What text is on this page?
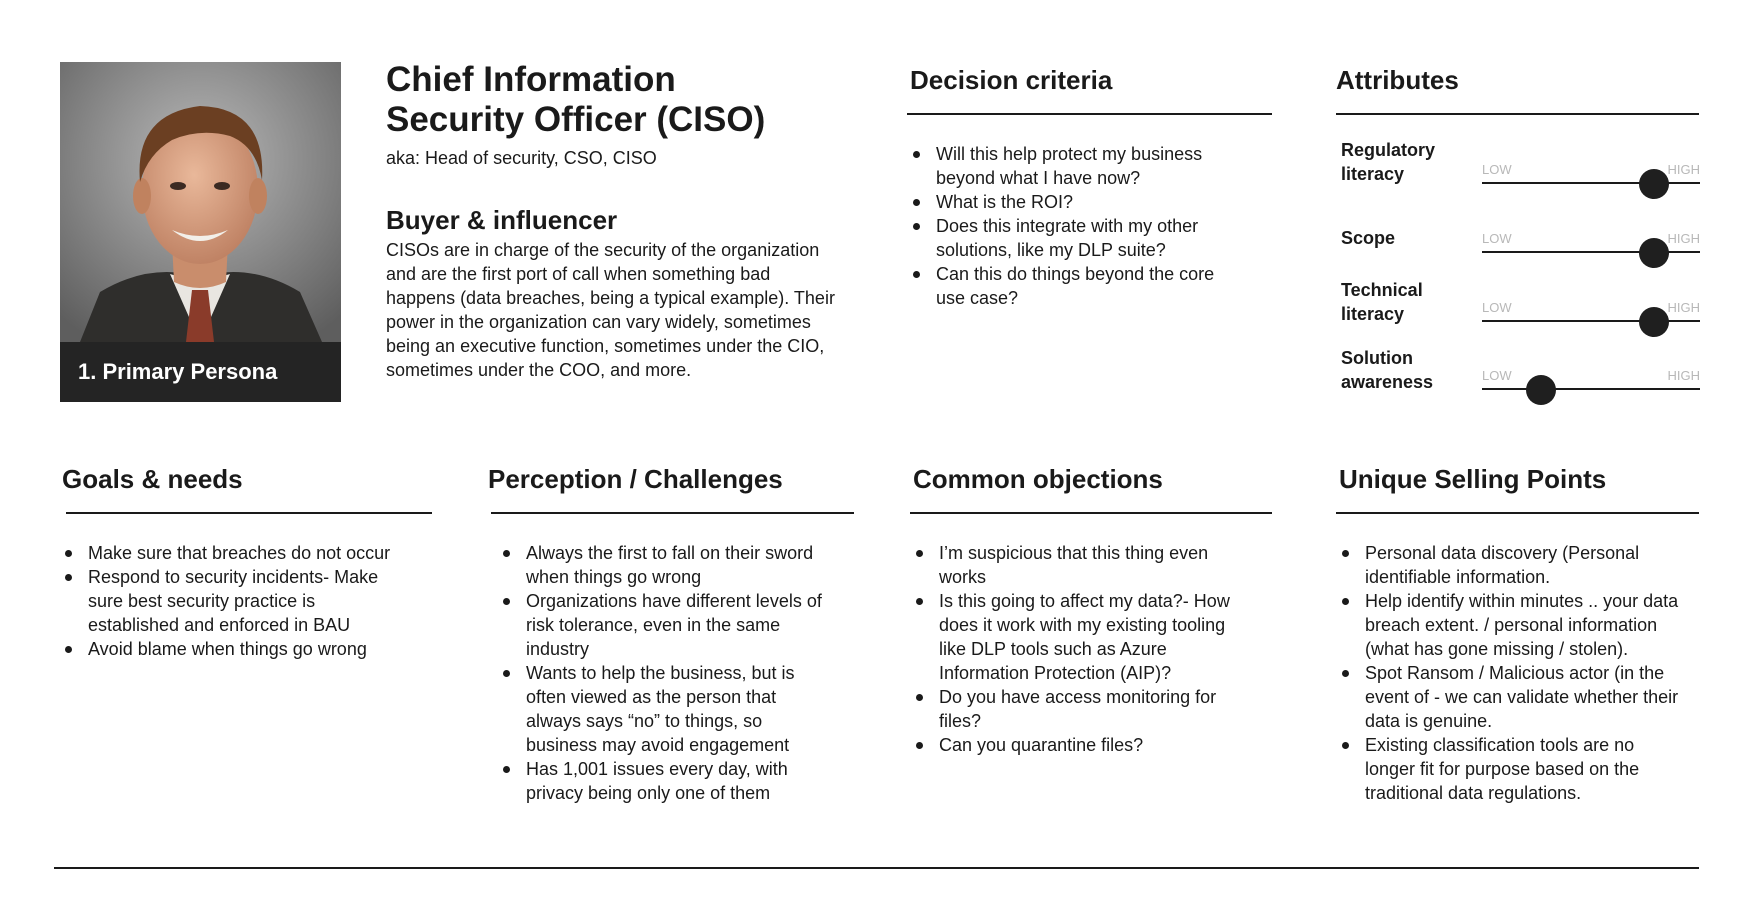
1. Primary Persona
Chief Information
Security Officer (CISO)
aka: Head of security, CSO, CISO
Buyer & influencer
CISOs are in charge of the security of the organization and are the first port of call when something bad happens (data breaches, being a typical example). Their power in the organization can vary widely, sometimes being an executive function, sometimes under the CIO, sometimes under the COO, and more.
Decision criteria
Will this help protect my business beyond what I have now?
What is the ROI?
Does this integrate with my other solutions, like my DLP suite?
Can this do things beyond the core use case?
Attributes
Regulatory literacy	LOW	HIGH
Scope	LOW	HIGH
Technical literacy	LOW	HIGH
Solution awareness	LOW	HIGH
Goals & needs
Make sure that breaches do not occur
Respond to security incidents- Make sure best security practice is established and enforced in BAU
Avoid blame when things go wrong
Perception / Challenges
Always the first to fall on their sword when things go wrong
Organizations have different levels of risk tolerance, even in the same industry
Wants to help the business, but is often viewed as the person that always says “no” to things, so business may avoid engagement
Has 1,001 issues every day, with privacy being only one of them
Common objections
I’m suspicious that this thing even works
Is this going to affect my data?- How does it work with my existing tooling like DLP tools such as Azure Information Protection (AIP)?
Do you have access monitoring for files?
Can you quarantine files?
Unique Selling Points
Personal data discovery (Personal identifiable information.
Help identify within minutes .. your data breach extent. / personal information (what has gone missing / stolen).
Spot Ransom / Malicious actor (in the event of - we can validate whether their data is genuine.
Existing classification tools are no longer fit for purpose based on the traditional data regulations.
